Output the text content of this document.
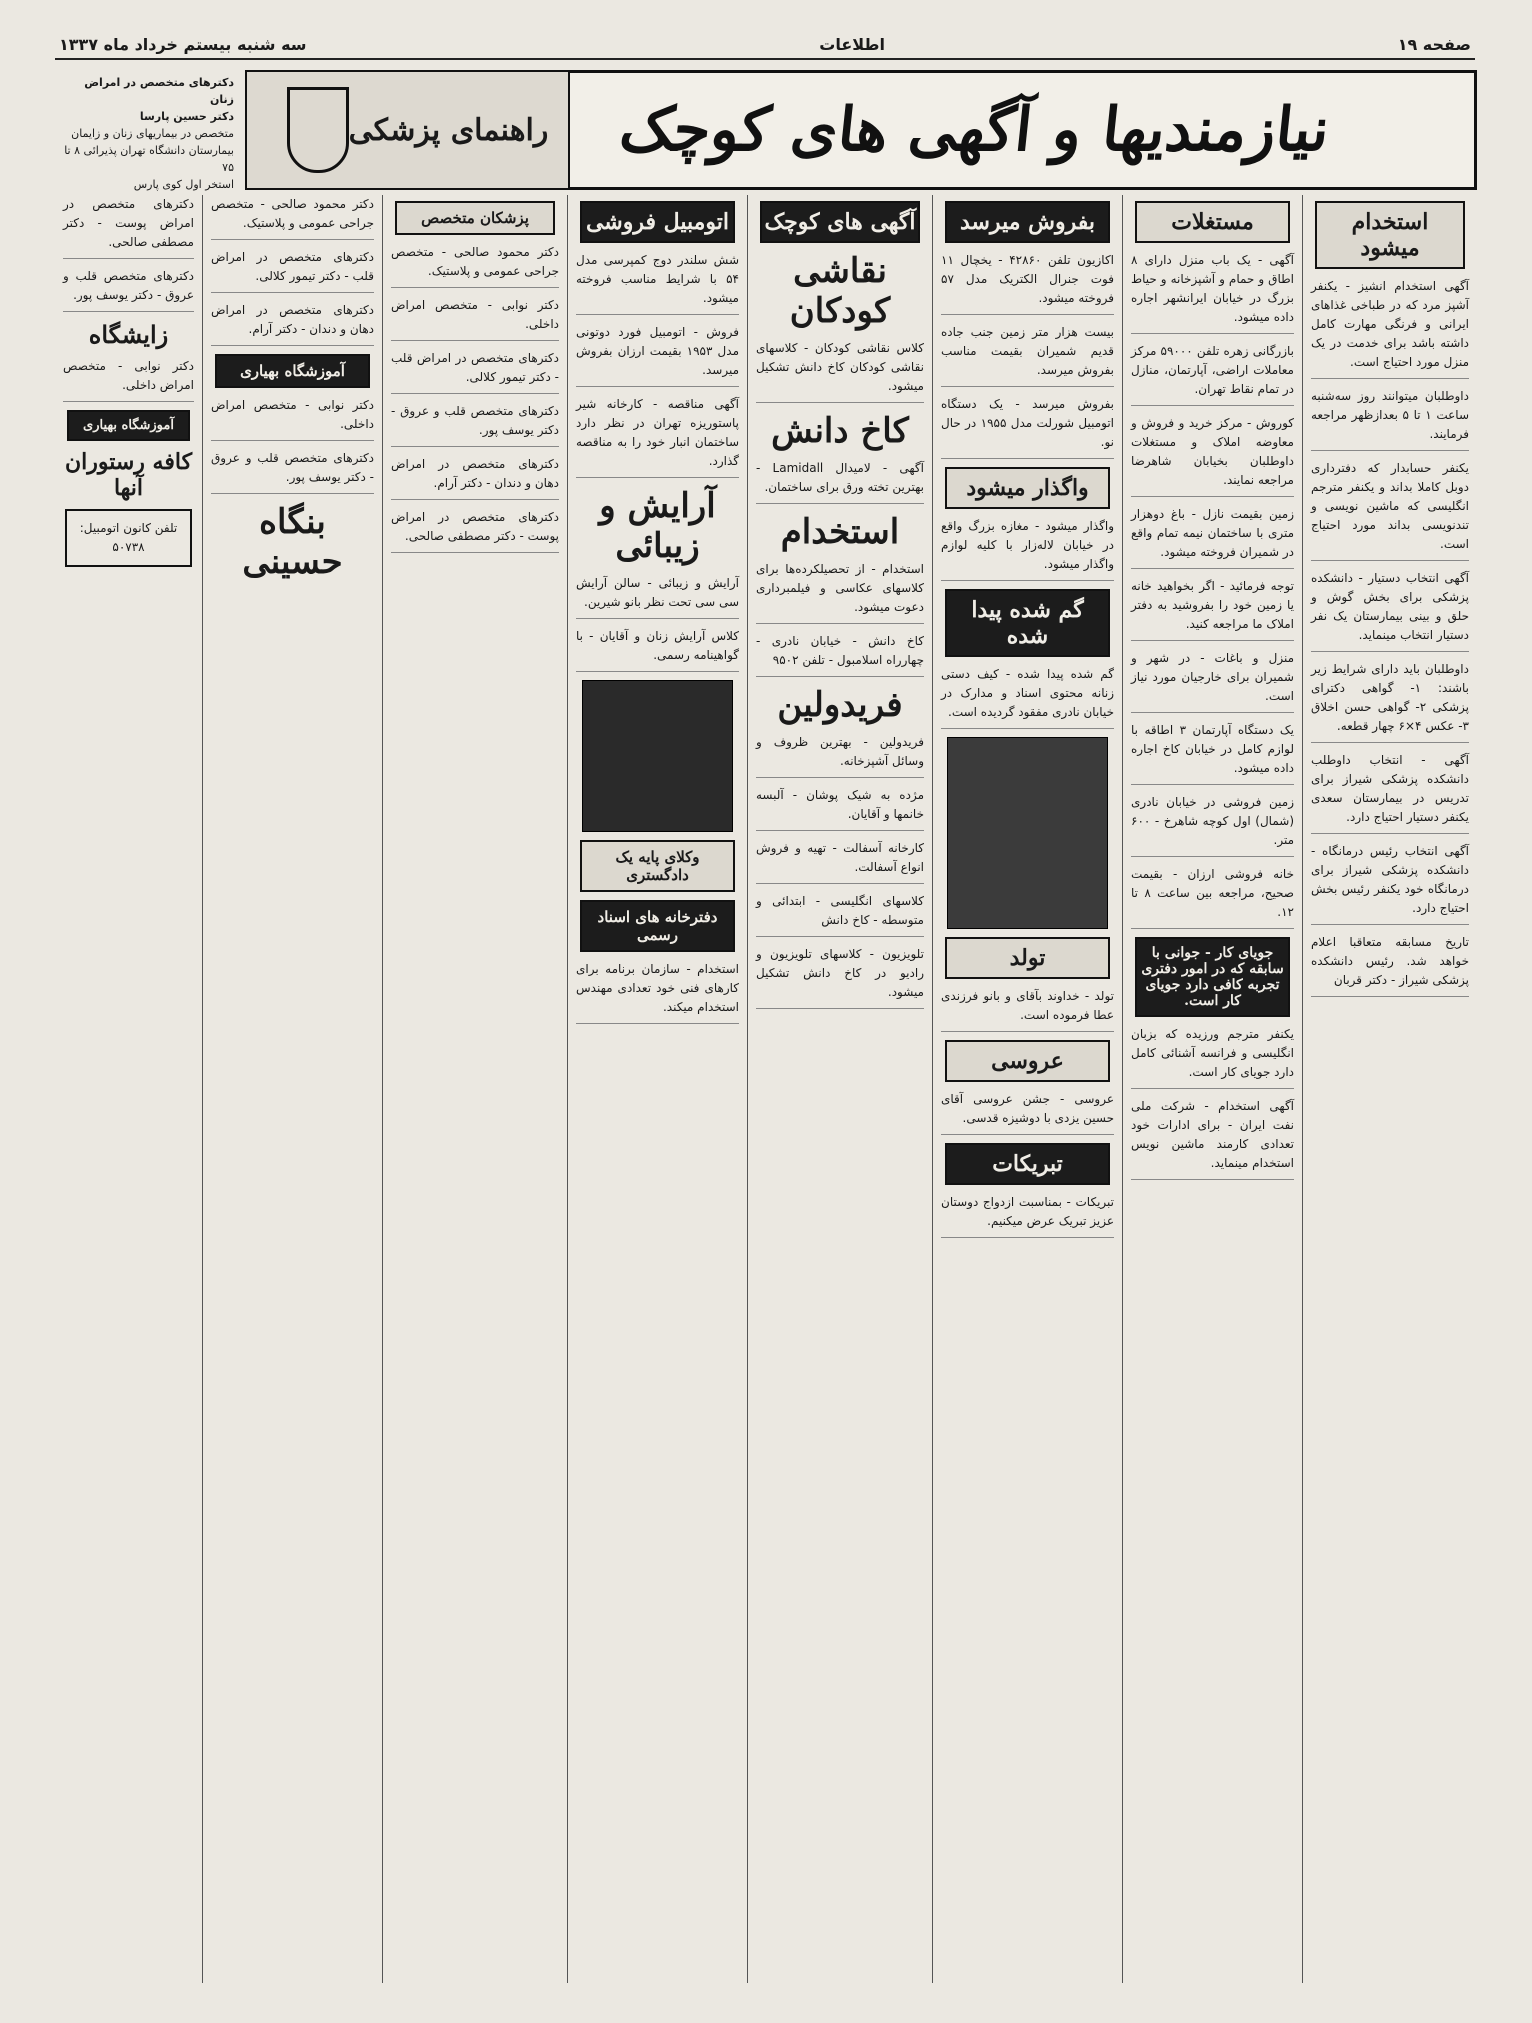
صفحه ۱۹
اطلاعات
سه شنبه بیستم خرداد ماه ۱۳۳۷
نیازمندیها و آگهی های کوچک
راهنمای پزشکی
دکترهای متخصص در امراض زنان
دکتر حسین پارسا
متخصص در بیماریهای زنان و زایمان
بیمارستان دانشگاه تهران پذیرائی ۸ تا ۷۵
استخر اول کوی پارس
استخدام میشود
آگهی استخدام انشیز - یکنفر آشپز مرد که در طباخی غذاهای ایرانی و فرنگی مهارت کامل داشته باشد برای خدمت در یک منزل مورد احتیاج است.
داوطلبان میتوانند روز سه‌شنبه ساعت ۱ تا ۵ بعدازظهر مراجعه فرمایند.
یکنفر حسابدار که دفترداری دوبل کاملا بداند و یکنفر مترجم انگلیسی که ماشین نویسی و تندنویسی بداند مورد احتیاج است.
آگهی انتخاب دستیار - دانشکده پزشکی برای بخش گوش و حلق و بینی بیمارستان یک نفر دستیار انتخاب مینماید.
داوطلبان باید دارای شرایط زیر باشند: ۱- گواهی دکترای پزشکی ۲- گواهی حسن اخلاق ۳- عکس ۴×۶ چهار قطعه.
آگهی - انتخاب داوطلب دانشکده پزشکی شیراز برای تدریس در بیمارستان سعدی یکنفر دستیار احتیاج دارد.
آگهی انتخاب رئیس درمانگاه - دانشکده پزشکی شیراز برای درمانگاه خود یکنفر رئیس بخش احتیاج دارد.
تاریخ مسابقه متعاقبا اعلام خواهد شد. رئیس دانشکده پزشکی شیراز - دکتر قربان
مستغلات
آگهی - یک باب منزل دارای ۸ اطاق و حمام و آشپزخانه و حیاط بزرگ در خیابان ایرانشهر اجاره داده میشود.
بازرگانی زهره تلفن ۵۹۰۰۰ مرکز معاملات اراضی، آپارتمان، منازل در تمام نقاط تهران.
کوروش - مرکز خرید و فروش و معاوضه املاک و مستغلات داوطلبان بخیابان شاهرضا مراجعه نمایند.
زمین بقیمت نازل - باغ دوهزار متری با ساختمان نیمه تمام واقع در شمیران فروخته میشود.
توجه فرمائید - اگر بخواهید خانه یا زمین خود را بفروشید به دفتر املاک ما مراجعه کنید.
منزل و باغات - در شهر و شمیران برای خارجیان مورد نیاز است.
یک دستگاه آپارتمان ۳ اطاقه با لوازم کامل در خیابان کاخ اجاره داده میشود.
زمین فروشی در خیابان نادری (شمال) اول کوچه شاهرخ - ۶۰۰ متر.
خانه فروشی ارزان - بقیمت صحیح، مراجعه بین ساعت ۸ تا ۱۲.
جویای کار - جوانی با سابقه که در امور دفتری تجربه کافی دارد جویای کار است.
یکنفر مترجم ورزیده که بزبان انگلیسی و فرانسه آشنائی کامل دارد جویای کار است.
آگهی استخدام - شرکت ملی نفت ایران - برای ادارات خود تعدادی کارمند ماشین نویس استخدام مینماید.
بفروش میرسد
اکازیون تلفن ۴۲۸۶۰ - یخچال ۱۱ فوت جنرال الکتریک مدل ۵۷ فروخته میشود.
بیست هزار متر زمین جنب جاده قدیم شمیران بقیمت مناسب بفروش میرسد.
بفروش میرسد - یک دستگاه اتومبیل شورلت مدل ۱۹۵۵ در حال نو.
واگذار میشود
واگذار میشود - مغازه بزرگ واقع در خیابان لاله‌زار با کلیه لوازم واگذار میشود.
گم شده پیدا شده
گم شده پیدا شده - کیف دستی زنانه محتوی اسناد و مدارک در خیابان نادری مفقود گردیده است.
تولد
تولد - خداوند بآقای و بانو فرزندی عطا فرموده است.
عروسی
عروسی - جشن عروسی آقای حسین یزدی با دوشیزه قدسی.
تبریکات
تبریکات - بمناسبت ازدواج دوستان عزیز تبریک عرض میکنیم.
آگهی های کوچک
نقاشی کودکان
کلاس نقاشی کودکان - کلاسهای نقاشی کودکان کاخ دانش تشکیل میشود.
کاخ دانش
آگهی - لامیدال Lamidall - بهترین تخته ورق برای ساختمان.
استخدام
استخدام - از تحصیلکرده‌ها برای کلاسهای عکاسی و فیلمبرداری دعوت میشود.
کاخ دانش - خیابان نادری - چهارراه اسلامبول - تلفن ۹۵۰۲
فریدولین
فریدولین - بهترین ظروف و وسائل آشپزخانه.
مژده به شیک پوشان - آلبسه خانمها و آقایان.
کارخانه آسفالت - تهیه و فروش انواع آسفالت.
کلاسهای انگلیسی - ابتدائی و متوسطه - کاخ دانش
تلویزیون - کلاسهای تلویزیون و رادیو در کاخ دانش تشکیل میشود.
اتومبیل فروشی
شش سلندر دوج کمپرسی مدل ۵۴ با شرایط مناسب فروخته میشود.
فروش - اتومبیل فورد دوتونی مدل ۱۹۵۳ بقیمت ارزان بفروش میرسد.
آگهی مناقصه - کارخانه شیر پاستوریزه تهران در نظر دارد ساختمان انبار خود را به مناقصه گذارد.
آرایش و زیبائی
آرایش و زیبائی - سالن آرایش سی سی تحت نظر بانو شیرین.
کلاس آرایش زنان و آقایان - با گواهینامه رسمی.
وکلای پایه یک دادگستری
دفترخانه های اسناد رسمی
استخدام - سازمان برنامه برای کارهای فنی خود تعدادی مهندس استخدام میکند.
پزشکان متخصص
دکتر محمود صالحی - متخصص جراحی عمومی و پلاستیک.
دکتر نوابی - متخصص امراض داخلی.
دکترهای متخصص در امراض قلب - دکتر تیمور کلالی.
دکترهای متخصص قلب و عروق - دکتر یوسف پور.
دکترهای متخصص در امراض دهان و دندان - دکتر آرام.
دکترهای متخصص در امراض پوست - دکتر مصطفی صالحی.
دکتر محمود صالحی - متخصص جراحی عمومی و پلاستیک.
دکترهای متخصص در امراض قلب - دکتر تیمور کلالی.
دکترهای متخصص در امراض دهان و دندان - دکتر آرام.
آموزشگاه بهیاری
دکتر نوابی - متخصص امراض داخلی.
دکترهای متخصص قلب و عروق - دکتر یوسف پور.
بنگاه حسینی
دکترهای متخصص در امراض پوست - دکتر مصطفی صالحی.
دکترهای متخصص قلب و عروق - دکتر یوسف پور.
زایشگاه
دکتر نوابی - متخصص امراض داخلی.
آموزشگاه بهیاری
کافه رستوران آنها
تلفن کانون اتومبیل: ۵۰۷۳۸
